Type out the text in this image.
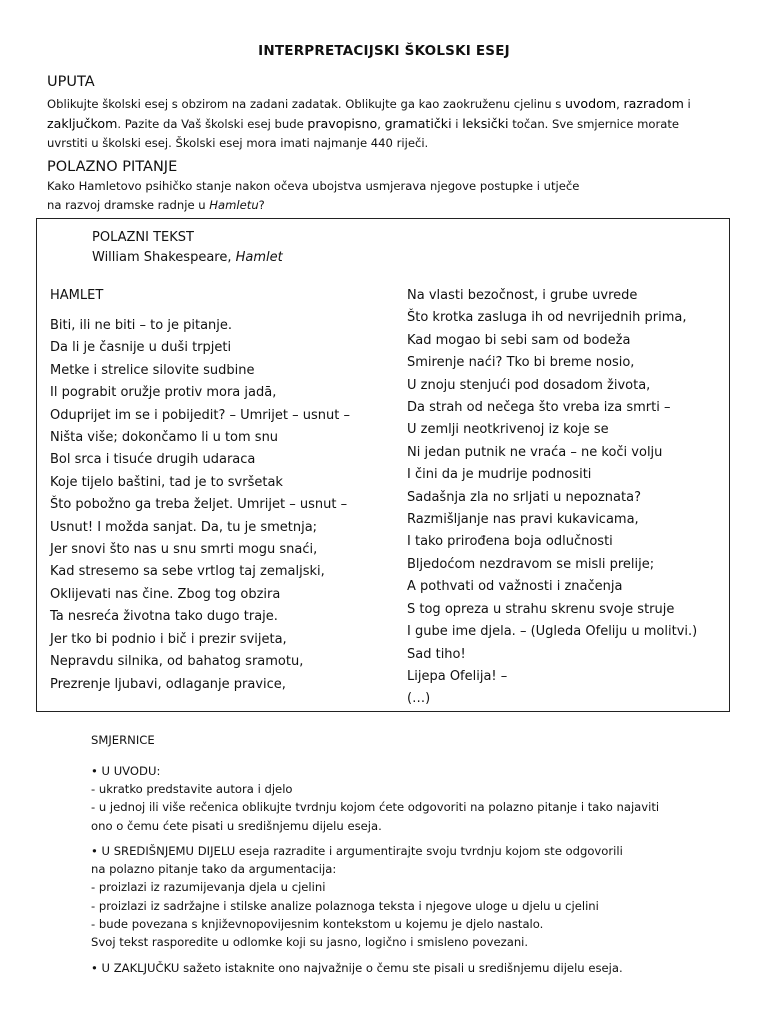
INTERPRETACIJSKI ŠKOLSKI ESEJ
UPUTA
Oblikujte školski esej s obzirom na zadani zadatak. Oblikujte ga kao zaokruženu cjelinu s uvodom, razradom i
zaključkom. Pazite da Vaš školski esej bude pravopisno, gramatički i leksički točan. Sve smjernice morate
uvrstiti u školski esej. Školski esej mora imati najmanje 440 riječi.
POLAZNO PITANJE
Kako Hamletovo psihičko stanje nakon očeva ubojstva usmjerava njegove postupke i utječe
na razvoj dramske radnje u Hamletu?
POLAZNI TEKST
William Shakespeare, Hamlet
HAMLET
Biti, ili ne biti – to je pitanje.
Da li je časnije u duši trpjeti
Metke i strelice silovite sudbine
Il pograbit oružje protiv mora jadā,
Oduprijet im se i pobijedit? – Umrijet – usnut –
Ništa više; dokončamo li u tom snu
Bol srca i tisuće drugih udaraca
Koje tijelo baštini, tad je to svršetak
Što pobožno ga treba željet. Umrijet – usnut –
Usnut! I možda sanjat. Da, tu je smetnja;
Jer snovi što nas u snu smrti mogu snaći,
Kad stresemo sa sebe vrtlog taj zemaljski,
Oklijevati nas čine. Zbog tog obzira
Ta nesreća životna tako dugo traje.
Jer tko bi podnio i bič i prezir svijeta,
Nepravdu silnika, od bahatog sramotu,
Prezrenje ljubavi, odlaganje pravice,
Na vlasti bezočnost, i grube uvrede
Što krotka zasluga ih od nevrijednih prima,
Kad mogao bi sebi sam od bodeža
Smirenje naći? Tko bi breme nosio,
U znoju stenjući pod dosadom života,
Da strah od nečega što vreba iza smrti –
U zemlji neotkrivenoj iz koje se
Ni jedan putnik ne vraća – ne koči volju
I čini da je mudrije podnositi
Sadašnja zla no srljati u nepoznata?
Razmišljanje nas pravi kukavicama,
I tako prirođena boja odlučnosti
Bljedoćom nezdravom se misli prelije;
A pothvati od važnosti i značenja
S tog opreza u strahu skrenu svoje struje
I gube ime djela. – (Ugleda Ofeliju u molitvi.)
Sad tiho!
Lijepa Ofelija! –
(…)
SMJERNICE
• U UVODU:
- ukratko predstavite autora i djelo
- u jednoj ili više rečenica oblikujte tvrdnju kojom ćete odgovoriti na polazno pitanje i tako najaviti
ono o čemu ćete pisati u središnjemu dijelu eseja.
• U SREDIŠNJEMU DIJELU eseja razradite i argumentirajte svoju tvrdnju kojom ste odgovorili
na polazno pitanje tako da argumentacija:
- proizlazi iz razumijevanja djela u cjelini
- proizlazi iz sadržajne i stilske analize polaznoga teksta i njegove uloge u djelu u cjelini
- bude povezana s književnopovijesnim kontekstom u kojemu je djelo nastalo.
Svoj tekst rasporedite u odlomke koji su jasno, logično i smisleno povezani.
• U ZAKLJUČKU sažeto istaknite ono najvažnije o čemu ste pisali u središnjemu dijelu eseja.
